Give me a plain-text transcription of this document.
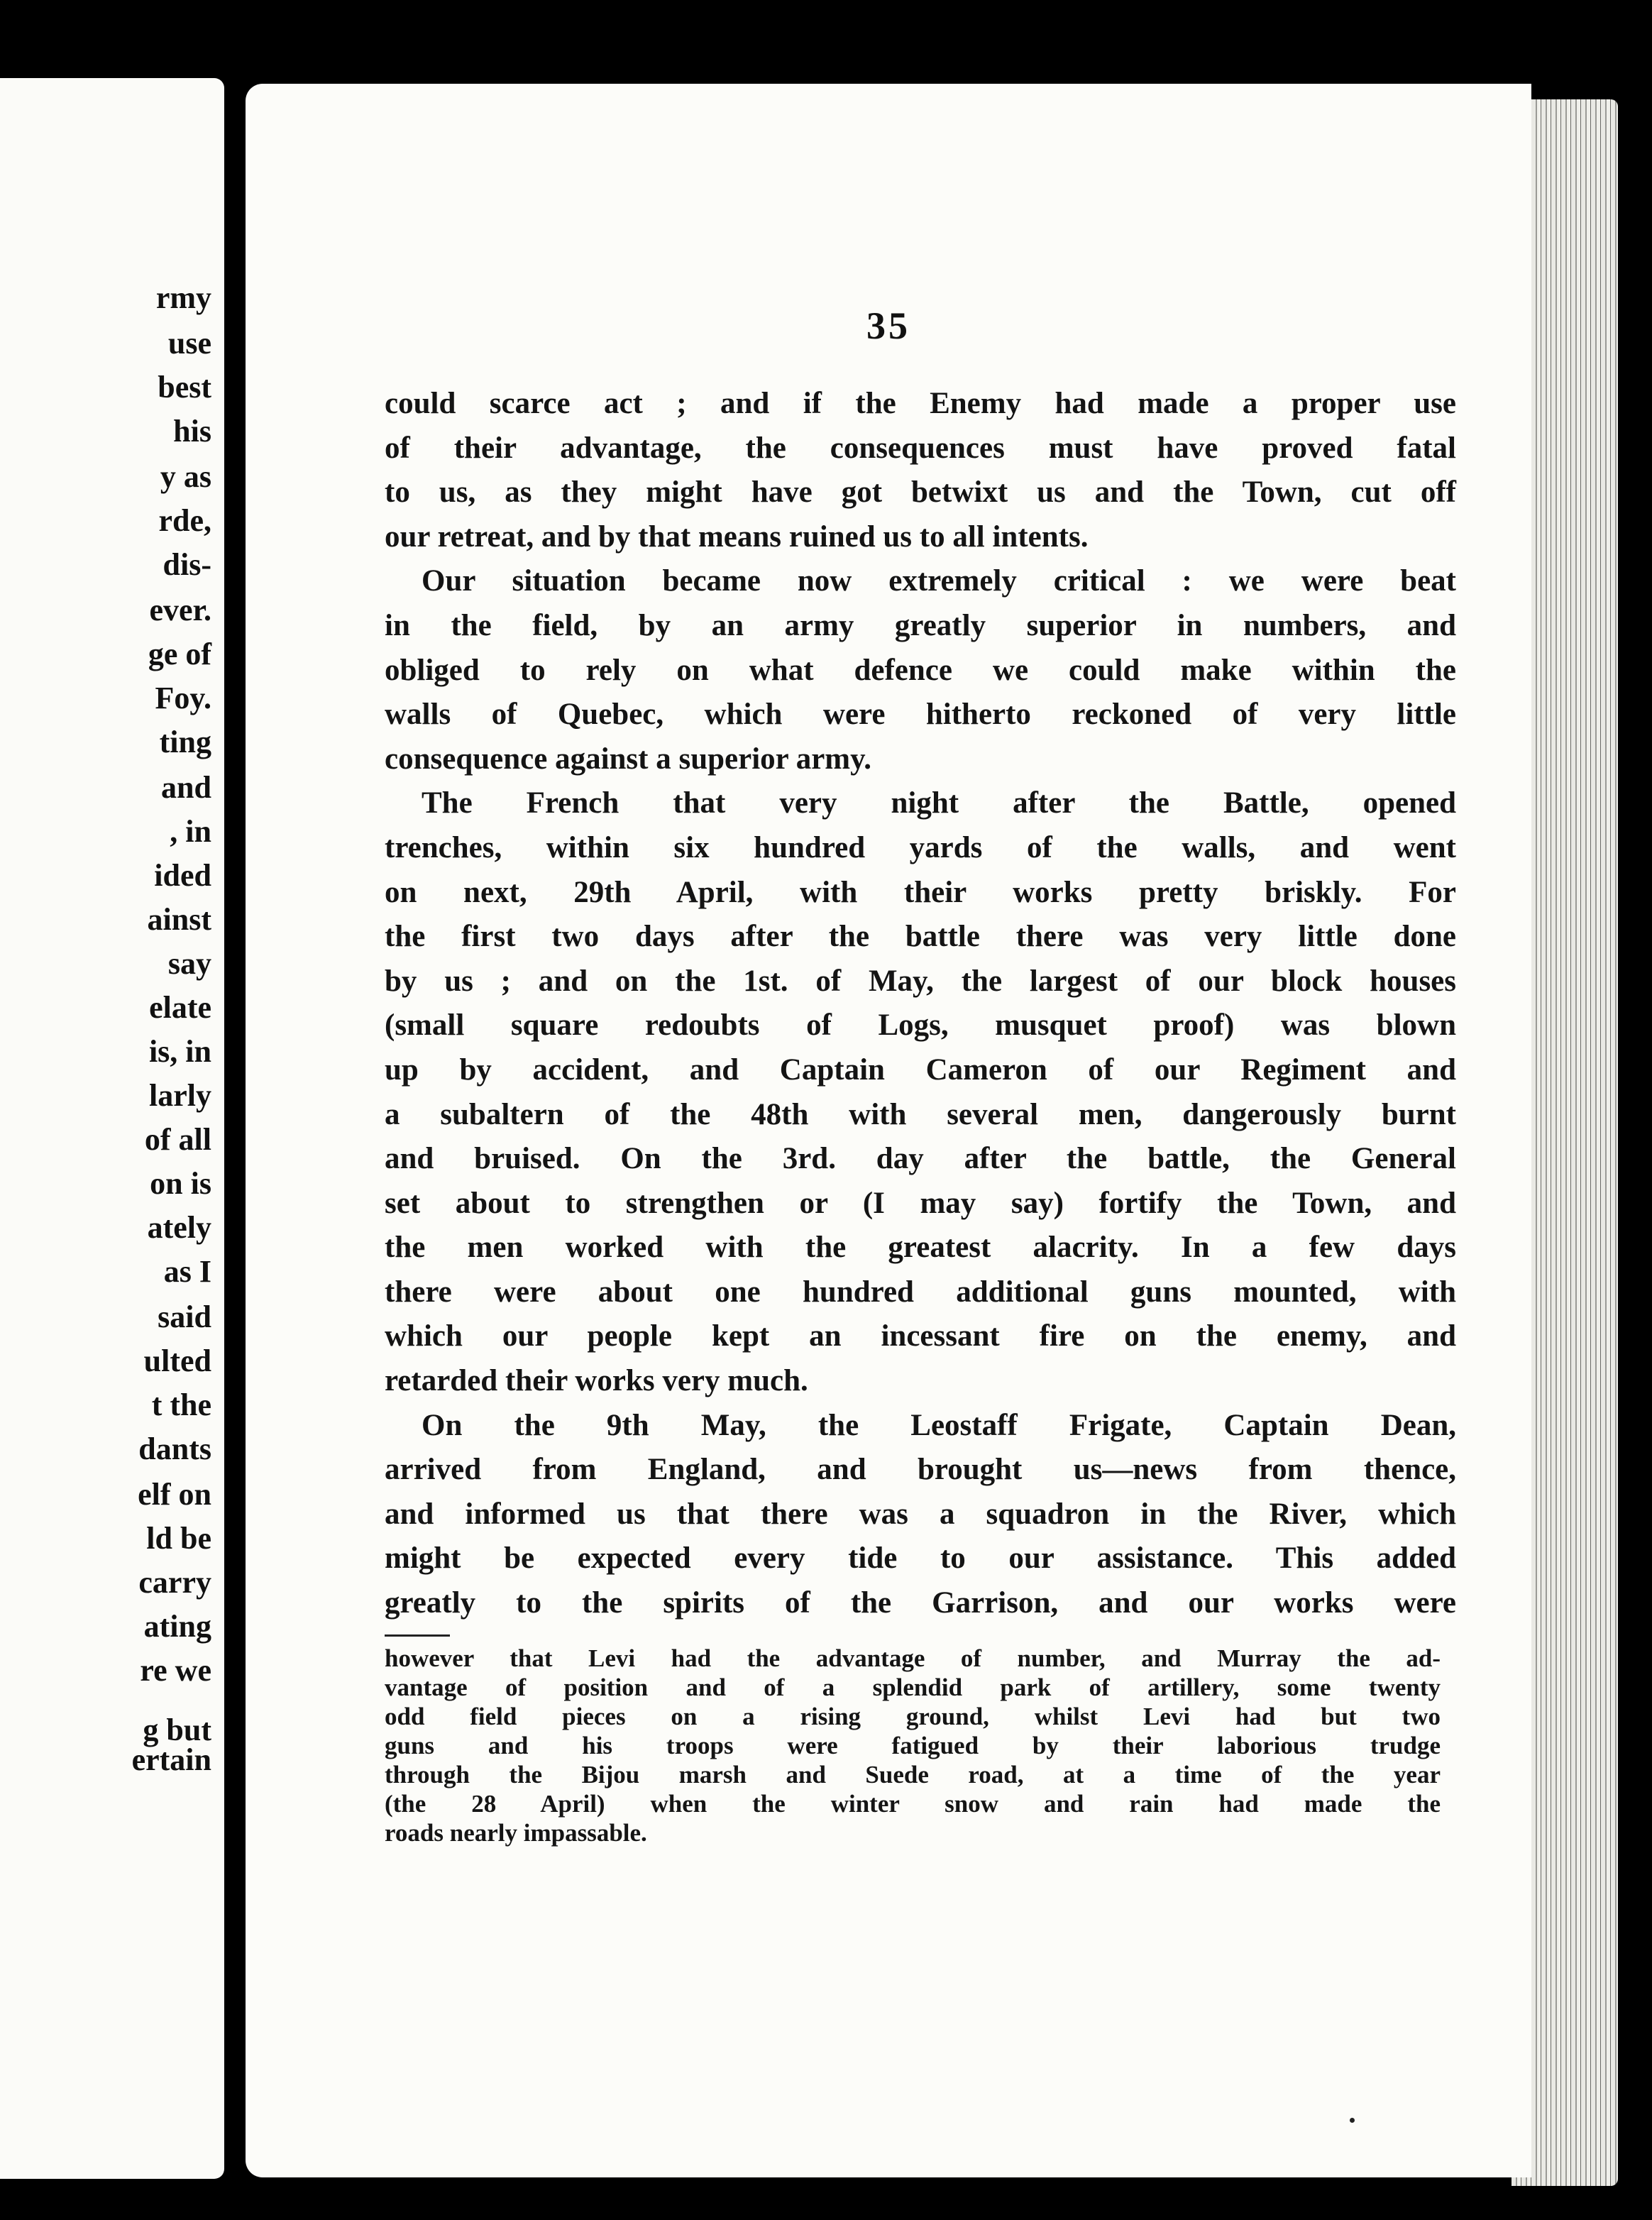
rmy
use
best
his
y as
rde,
dis-
ever.
ge of
Foy.
ting
and
, in
ided
ainst
say
elate
is, in
larly
of all
on is
ately
as I
said
ulted
t the
dants
elf on
ld be
carry
ating
re we
g but
ertain
35
could scarce act ; and if the Enemy had made a proper use
of their advantage, the consequences must have proved fatal
to us, as they might have got betwixt us and the Town, cut off
our retreat, and by that means ruined us to all intents.
Our situation became now extremely critical : we were beat
in the field, by an army greatly superior in numbers, and
obliged to rely on what defence we could make within the
walls of Quebec, which were hitherto reckoned of very little
consequence against a superior army.
The French that very night after the Battle, opened
trenches, within six hundred yards of the walls, and went
on next, 29th April, with their works pretty briskly. For
the first two days after the battle there was very little done
by us ; and on the 1st. of May, the largest of our block houses
(small square redoubts of Logs, musquet proof) was blown
up by accident, and Captain Cameron of our Regiment and
a subaltern of the 48th with several men, dangerously burnt
and bruised. On the 3rd. day after the battle, the General
set about to strengthen or (I may say) fortify the Town, and
the men worked with the greatest alacrity. In a few days
there were about one hundred additional guns mounted, with
which our people kept an incessant fire on the enemy, and
retarded their works very much.
On the 9th May, the Leostaff Frigate, Captain Dean,
arrived from England, and brought us—news from thence,
and informed us that there was a squadron in the River, which
might be expected every tide to our assistance. This added
greatly to the spirits of the Garrison, and our works were
however that Levi had the advantage of number, and Murray the ad-
vantage of position and of a splendid park of artillery, some twenty
odd field pieces on a rising ground, whilst Levi had but two
guns and his troops were fatigued by their laborious trudge
through the Bijou marsh and Suede road, at a time of the year
(the 28 April) when the winter snow and rain had made the
roads nearly impassable.
